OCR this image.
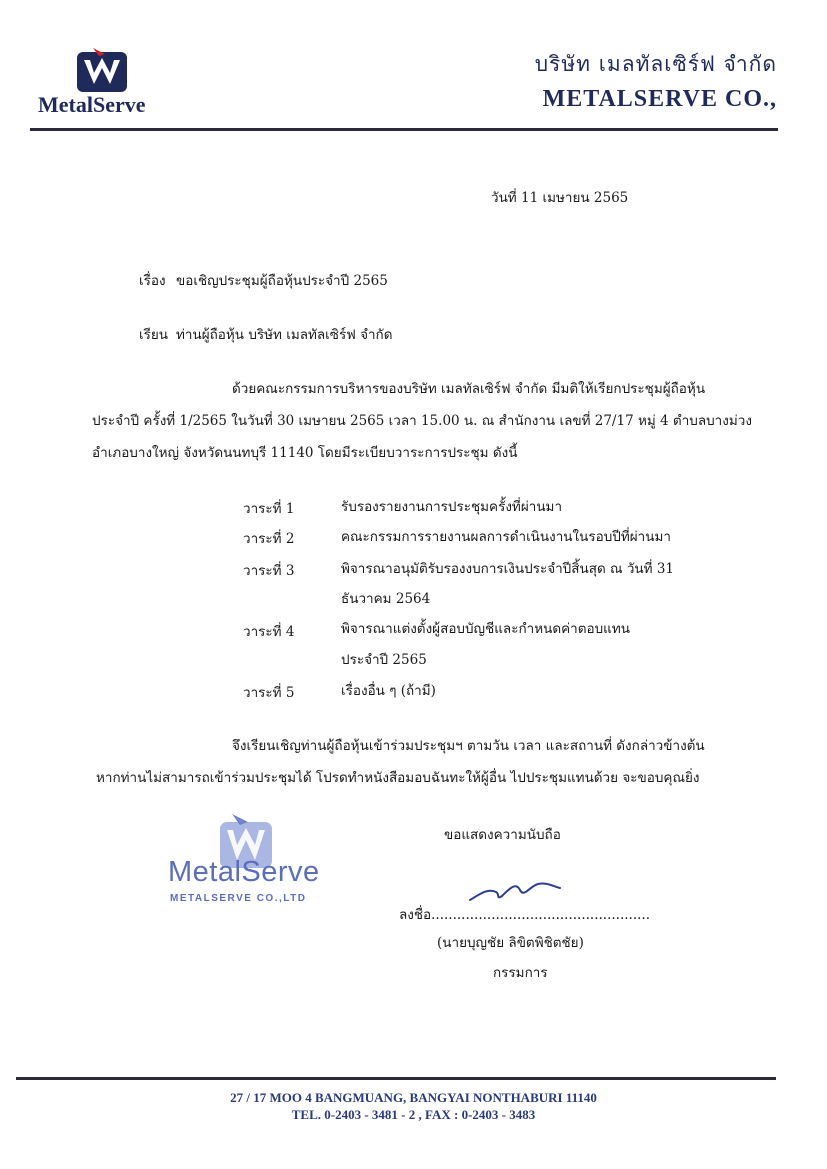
MetalServe
บริษัท เมลทัลเซิร์ฟ จำกัด
METALSERVE CO.,
วันที่ 11 เมษายน 2565
เรื่อง ขอเชิญประชุมผู้ถือหุ้นประจำปี 2565
เรียน ท่านผู้ถือหุ้น บริษัท เมลทัลเซิร์ฟ จำกัด
ด้วยคณะกรรมการบริหารของบริษัท เมลทัลเซิร์ฟ จำกัด มีมติให้เรียกประชุมผู้ถือหุ้น
ประจำปี ครั้งที่ 1/2565 ในวันที่ 30 เมษายน 2565 เวลา 15.00 น. ณ สำนักงาน เลขที่ 27/17 หมู่ 4 ตำบลบางม่วง
อำเภอบางใหญ่ จังหวัดนนทบุรี 11140 โดยมีระเบียบวาระการประชุม ดังนี้
วาระที่ 1	รับรองรายงานการประชุมครั้งที่ผ่านมา
วาระที่ 2	คณะกรรมการรายงานผลการดำเนินงานในรอบปีที่ผ่านมา
วาระที่ 3	พิจารณาอนุมัติรับรองงบการเงินประจำปีสิ้นสุด ณ วันที่ 31
ธันวาคม 2564
วาระที่ 4	พิจารณาแต่งตั้งผู้สอบบัญชีและกำหนดค่าตอบแทน
ประจำปี 2565
วาระที่ 5	เรื่องอื่น ๆ (ถ้ามี)
จึงเรียนเชิญท่านผู้ถือหุ้นเข้าร่วมประชุมฯ ตามวัน เวลา และสถานที่ ดังกล่าวข้างต้น
หากท่านไม่สามารถเข้าร่วมประชุมได้ โปรดทำหนังสือมอบฉันทะให้ผู้อื่น ไปประชุมแทนด้วย จะขอบคุณยิ่ง
MetalServe
METALSERVE CO.,LTD
ขอแสดงความนับถือ
ลงชื่อ...................................................
(นายบุญชัย ลิขิตพิชิตชัย)
กรรมการ
27 / 17 MOO 4 BANGMUANG, BANGYAI NONTHABURI 11140
TEL. 0-2403 - 3481 - 2 , FAX : 0-2403 - 3483
